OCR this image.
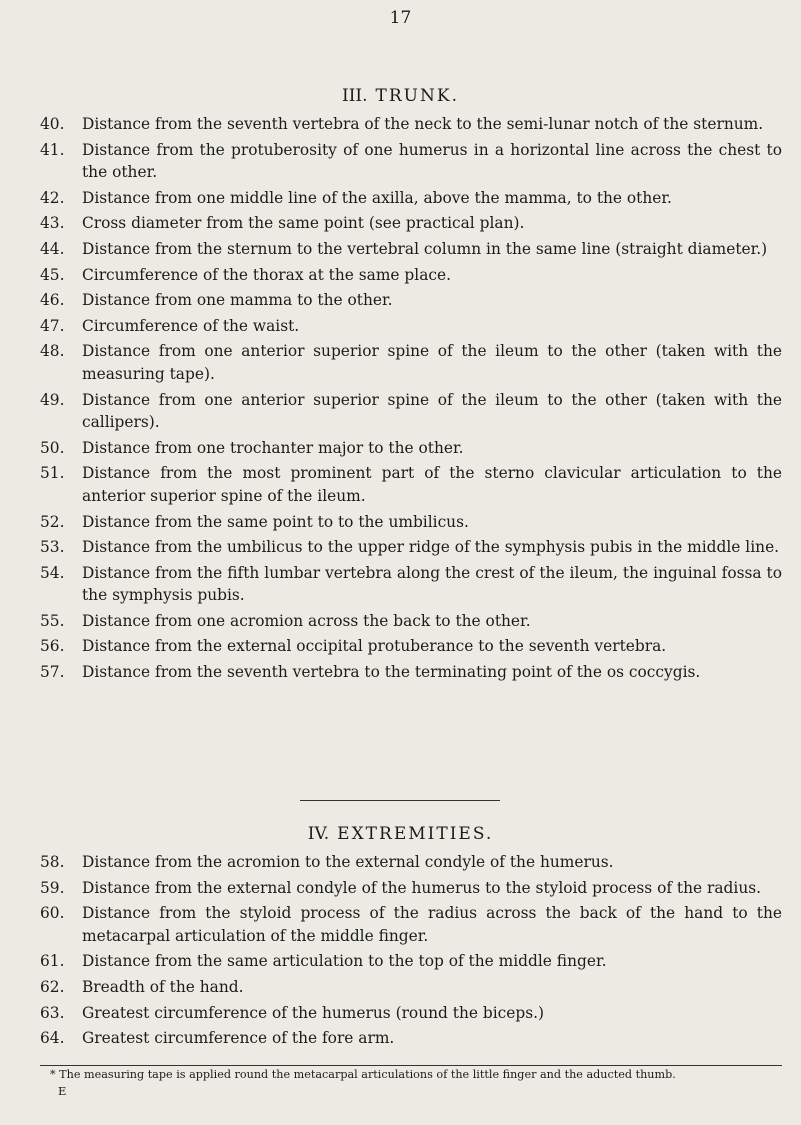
17
III. TRUNK.
40.	Distance from the seventh vertebra of the neck to the semi-lunar notch of the sternum.
41.	Distance from the protuberosity of one humerus in a horizontal line across the chest to the other.
42.	Distance from one middle line of the axilla, above the mamma, to the other.
43.	Cross diameter from the same point (see practical plan).
44.	Distance from the sternum to the vertebral column in the same line (straight diameter.)
45.	Circumference of the thorax at the same place.
46.	Distance from one mamma to the other.
47.	Circumference of the waist.
48.	Distance from one anterior superior spine of the ileum to the other (taken with the measuring tape).
49.	Distance from one anterior superior spine of the ileum to the other (taken with the callipers).
50.	Distance from one trochanter major to the other.
51.	Distance from the most prominent part of the sterno clavicular articulation to the anterior superior spine of the ileum.
52.	Distance from the same point to to the umbilicus.
53.	Distance from the umbilicus to the upper ridge of the symphysis pubis in the middle line.
54.	Distance from the fifth lumbar vertebra along the crest of the ileum, the inguinal fossa to the symphysis pubis.
55.	Distance from one acromion across the back to the other.
56.	Distance from the external occipital protuberance to the seventh vertebra.
57.	Distance from the seventh vertebra to the terminating point of the os coccygis.
IV. EXTREMITIES.
58.	Distance from the acromion to the external condyle of the humerus.
59.	Distance from the external condyle of the humerus to the styloid process of the radius.
60.	Distance from the styloid process of the radius across the back of the hand to the metacarpal articulation of the middle finger.
61.	Distance from the same articulation to the top of the middle finger.
62.	Breadth of the hand.
63.	Greatest circumference of the humerus (round the biceps.)
64.	Greatest circumference of the fore arm.
* The measuring tape is applied round the metacarpal articulations of the little finger and the aducted thumb.
E
